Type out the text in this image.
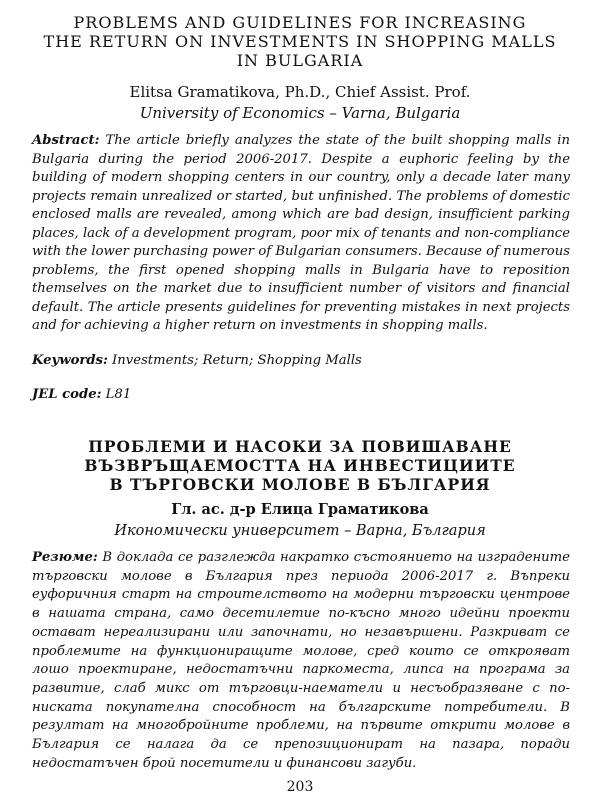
PROBLEMS AND GUIDELINES FOR INCREASING
THE RETURN ON INVESTMENTS IN SHOPPING MALLS
IN BULGARIA
Elitsa Gramatikova, Ph.D., Chief Assist. Prof.
University of Economics – Varna, Bulgaria

Abstract: The article briefly analyzes the state of the built shopping malls in Bulgaria during the period 2006-2017. Despite a euphoric feeling by the building of modern shopping centers in our country, only a decade later many projects remain unrealized or started, but unfinished. The problems of domestic enclosed malls are revealed, among which are bad design, insufficient parking places, lack of a development program, poor mix of tenants and non-compliance with the lower purchasing power of Bulgarian consumers. Because of numerous problems, the first opened shopping malls in Bulgaria have to reposition themselves on the market due to insufficient number of visitors and financial default. The article presents guidelines for preventing mistakes in next projects and for achieving a higher return on investments in shopping malls.

Keywords: Investments; Return; Shopping Malls

JEL code: L81

ПРОБЛЕМИ И НАСОКИ ЗА ПОВИШАВАНЕ
ВЪЗВРЪЩАЕМОСТТА НА ИНВЕСТИЦИИТЕ
В ТЪРГОВСКИ МОЛОВЕ В БЪЛГАРИЯ
Гл. ас. д-р Елица Граматикова
Икономически университет – Варна, България

Резюме: В доклада се разглежда накратко състоянието на изградените търговски молове в България през периода 2006-2017 г. Въпреки еуфоричния старт на строителството на модерни търговски центрове в нашата страна, само десетилетие по-късно много идейни проекти остават нереализирани или започнати, но незавършени. Разкриват се проблемите на функциониращите молове, сред които се открояват лошо проектиране, недостатъчни паркоместа, липса на програма за развитие, слаб микс от търговци-наематели и несъобразяване с по-ниската покупателна способност на българските потребители. В резултат на многобройните проблеми, на първите открити молове в България се налага да се препозиционират на пазара, поради недостатъчен брой посетители и финансови загуби.

203
